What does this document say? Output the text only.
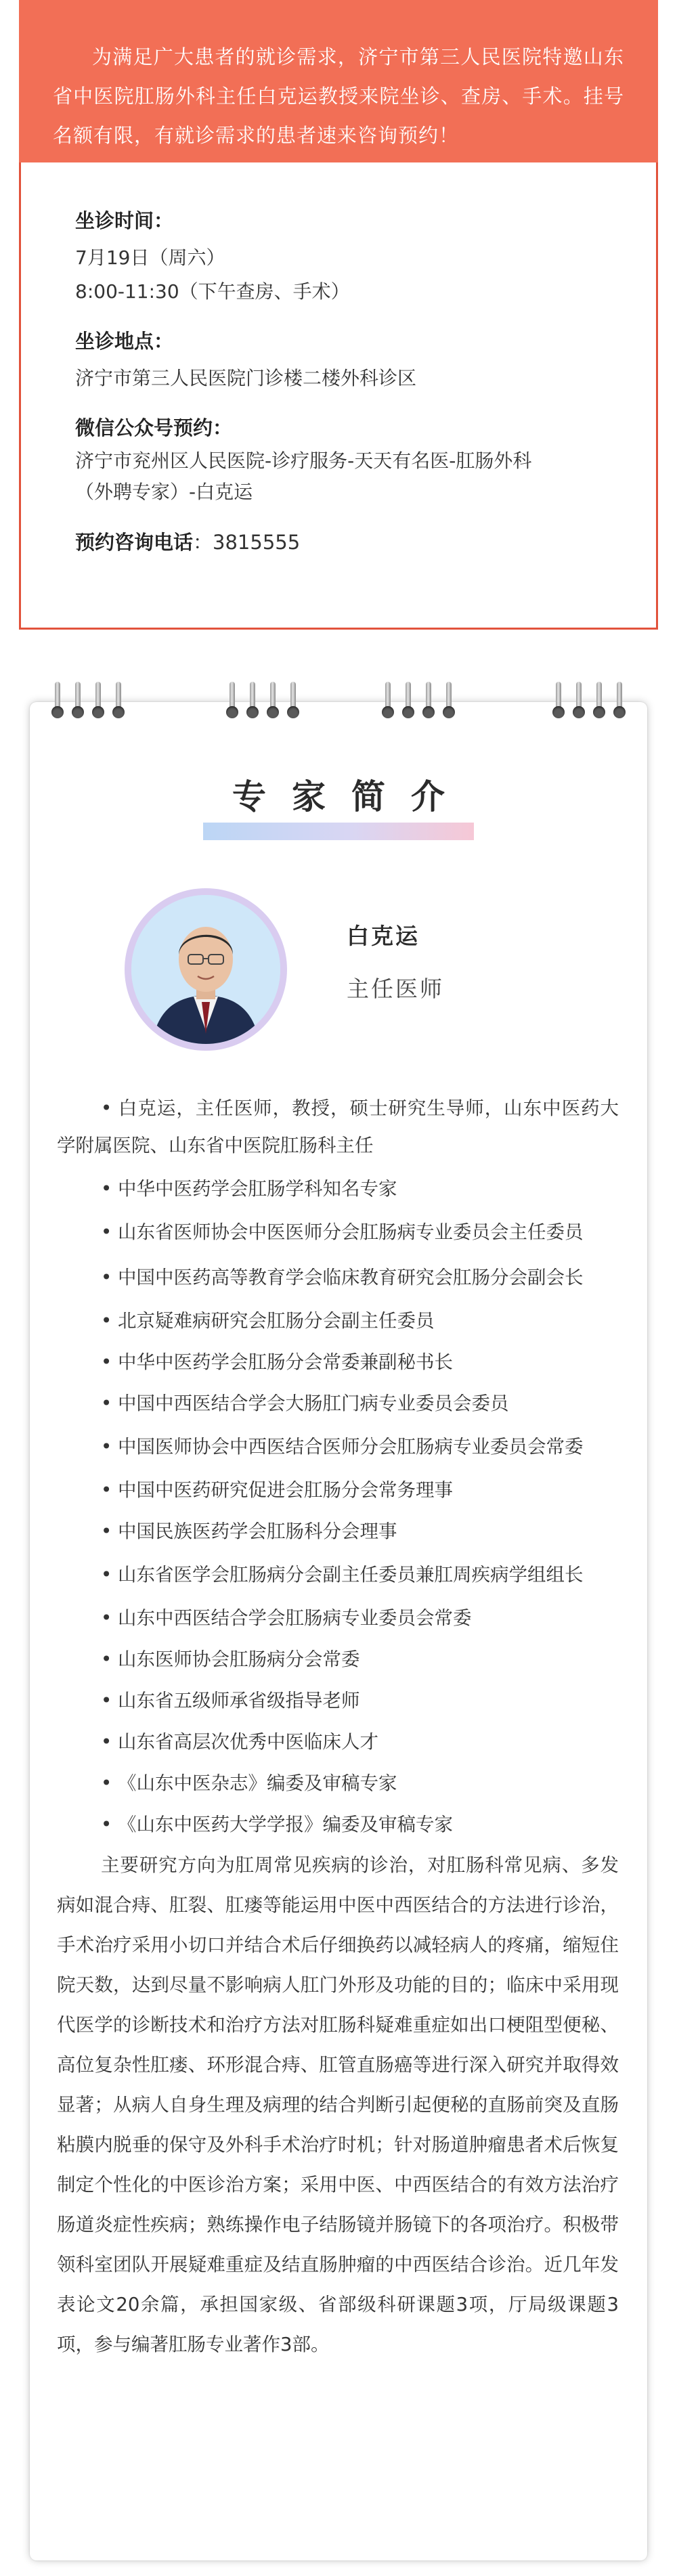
为满足广大患者的就诊需求，济宁市第三人民医院特邀山东省中医院肛肠外科主任白克运教授来院坐诊、查房、手术。挂号名额有限，有就诊需求的患者速来咨询预约！

坐诊时间：
7月19日（周六）
8:00-11:30（下午查房、手术）
坐诊地点：
济宁市第三人民医院门诊楼二楼外科诊区
微信公众号预约：
济宁市兖州区人民医院-诊疗服务-天天有名医-肛肠外科
（外聘专家）-白克运
预约咨询电话：3815555
专家简介
白克运
主任医师
• 白克运，主任医师，教授，硕士研究生导师，山东中医药大学附属医院、山东省中医院肛肠科主任
• 中华中医药学会肛肠学科知名专家
• 山东省医师协会中医医师分会肛肠病专业委员会主任委员
• 中国中医药高等教育学会临床教育研究会肛肠分会副会长
• 北京疑难病研究会肛肠分会副主任委员
• 中华中医药学会肛肠分会常委兼副秘书长
• 中国中西医结合学会大肠肛门病专业委员会委员
• 中国医师协会中西医结合医师分会肛肠病专业委员会常委
• 中国中医药研究促进会肛肠分会常务理事
• 中国民族医药学会肛肠科分会理事
• 山东省医学会肛肠病分会副主任委员兼肛周疾病学组组长
• 山东中西医结合学会肛肠病专业委员会常委
• 山东医师协会肛肠病分会常委
• 山东省五级师承省级指导老师
• 山东省高层次优秀中医临床人才
• 《山东中医杂志》编委及审稿专家
• 《山东中医药大学学报》编委及审稿专家
主要研究方向为肛周常见疾病的诊治，对肛肠科常见病、多发病如混合痔、肛裂、肛瘘等能运用中医中西医结合的方法进行诊治，手术治疗采用小切口并结合术后仔细换药以减轻病人的疼痛，缩短住院天数，达到尽量不影响病人肛门外形及功能的目的；临床中采用现代医学的诊断技术和治疗方法对肛肠科疑难重症如出口梗阻型便秘、高位复杂性肛瘘、环形混合痔、肛管直肠癌等进行深入研究并取得效显著；从病人自身生理及病理的结合判断引起便秘的直肠前突及直肠粘膜内脱垂的保守及外科手术治疗时机；针对肠道肿瘤患者术后恢复制定个性化的中医诊治方案；采用中医、中西医结合的有效方法治疗肠道炎症性疾病；熟练操作电子结肠镜并肠镜下的各项治疗。积极带领科室团队开展疑难重症及结直肠肿瘤的中西医结合诊治。近几年发表论文20余篇，承担国家级、省部级科研课题3项，厅局级课题3项，参与编著肛肠专业著作3部。
